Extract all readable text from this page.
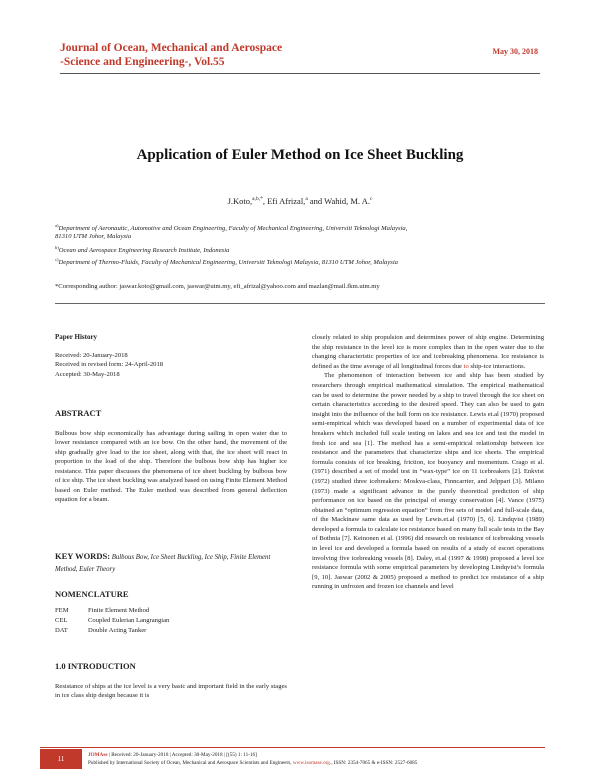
Journal of Ocean, Mechanical and Aerospace
-Science and Engineering-, Vol.55
May 30, 2018
Application of Euler Method on Ice Sheet Buckling
J.Koto,$^{a,b,*}$, Efi Afrizal,$^a$ and Wahid, M. A.$^c$
$^{a)}$Department of Aeronautic, Automotive and Ocean Engineering, Faculty of Mechanical Engineering, Universiti Teknologi Malaysia,
81310 UTM Johor, Malaysia
$^{b)}$Ocean and Aerospace Engineering Research Institute, Indonesia
$^{c)}$Department of Thermo-Fluids, Faculty of Mechanical Engineering, Universiti Teknologi Malaysia, 81310 UTM Johor, Malaysia
*Corresponding author: jaswar.koto@gmail.com, jaswar@utm.my, efi_afrizal@yahoo.com and mazlan@mail.fkm.utm.my
Paper History
Received: 20-January-2018
Received in revised form: 24-April-2018
Accepted: 30-May-2018
ABSTRACT
Bulbous bow ship economically has advantage during sailing in open water due to lower resistance compared with an ice bow. On the other hand, the movement of the ship gradually give load to the ice sheet, along with that, the ice sheet will react in proportion to the load of the ship. Therefore the bulbous bow ship has higher ice resistance. This paper discusses the phenomena of ice sheet buckling by bulbous bow of ice ship. The ice sheet buckling was analyzed based on using Finite Element Method based on Euler method. The Euler method was described from general deflection equation for a beam.
KEY WORDS: Bulbous Bow, Ice Sheet Buckling, Ice Ship, Finite Element Method, Euler Theory
NOMENCLATURE
FEM	Finite Element Method
CEL	Coupled Eulerian Langrangian
DAT	Double Acting Tanker
1.0 INTRODUCTION
Resistance of ships at the ice level is a very basic and important field in the early stages in ice class ship design because it is
closely related to ship propulsion and determines power of ship engine. Determining the ship resistance in the level ice is more complex than in the open water due to the changing characteristic properties of ice and icebreaking phenomena. Ice resistance is defined as the time average of all longitudinal forces due to ship-ice interactions.
The phenomenon of interaction between ice and ship has been studied by researchers through empirical mathematical simulation. The empirical mathematical can be used to determine the power needed by a ship to travel through the ice sheet on certain characteristics according to the desired speed. They can also be used to gain insight into the influence of the hull form on ice resistance. Lewis et.al (1970) proposed semi-empirical which was developed based on a number of experimental data of ice breakers which included full scale testing on lakes and sea ice and test the model in fresh ice and sea [1]. The method has a semi-empirical relationship between ice resistance and the parameters that characterize ships and ice sheets. The empirical formula consists of ice breaking, friction, ice buoyancy and momentum. Crago et al. (1971) described a set of model test in “wax-type” ice on 11 icebreakers [2]. Enkvist (1972) studied three icebreakers: Moskva-class, Finncarrier, and Jelppari [3]. Milano (1973) made a significant advance in the purely theoretical prediction of ship performance on ice based on the principal of energy conservation [4]. Vance (1975) obtained an “optimum regression equation” from five sets of model and full-scale data, of the Mackinaw same data as used by Lewis.et.al (1970) [5, 6]. Lindqvist (1989) developed a formula to calculate ice resistance based on many full scale tests in the Bay of Bothnia [7]. Keinonen et al. (1996) did research on resistance of icebreaking vessels in level ice and developed a formula based on results of a study of escort operations involving five icebreaking vessels [8]. Daley, et.al (1997 & 1998) proposed a level ice resistance formula with some empirical parameters by developing Lindqvist’s formula [9, 10]. Jaswar (2002 & 2005) proposed a method to predict ice resistance of a ship running in unfrozen and frozen ice channels and level
11	JOMAse | Received: 20-January-2018 | Accepted: 30-May-2018 | [(55) 1: 11-16]
Published by International Society of Ocean, Mechanical and Aerospace Scientists and Engineers, www.isomase.org., ISSN: 2354-7065 & e-ISSN: 2527-6085
